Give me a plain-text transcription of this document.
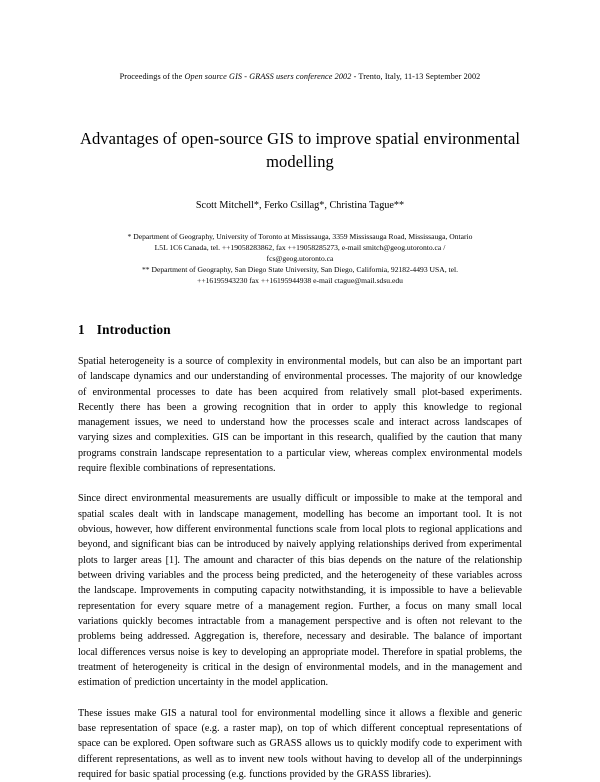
Proceedings of the Open source GIS - GRASS users conference 2002 - Trento, Italy, 11-13 September 2002
Advantages of open-source GIS to improve spatial environmental modelling
Scott Mitchell*, Ferko Csillag*, Christina Tague**
* Department of Geography, University of Toronto at Mississauga, 3359 Mississauga Road, Mississauga, Ontario
L5L 1C6 Canada, tel. ++19058283862, fax ++19058285273, e-mail smitch@geog.utoronto.ca /
fcs@geog.utoronto.ca
** Department of Geography, San Diego State University, San Diego, California, 92182-4493 USA, tel.
++16195943230 fax ++16195944938 e-mail ctague@mail.sdsu.edu
1 Introduction

Spatial heterogeneity is a source of complexity in environmental models, but can also be an important part of landscape dynamics and our understanding of environmental processes. The majority of our knowledge of environmental processes to date has been acquired from relatively small plot-based experiments. Recently there has been a growing recognition that in order to apply this knowledge to regional management issues, we need to understand how the processes scale and interact across landscapes of varying sizes and complexities. GIS can be important in this research, qualified by the caution that many programs constrain landscape representation to a particular view, whereas complex environmental models require flexible combinations of representations.

Since direct environmental measurements are usually difficult or impossible to make at the temporal and spatial scales dealt with in landscape management, modelling has become an important tool. It is not obvious, however, how different environmental functions scale from local plots to regional applications and beyond, and significant bias can be introduced by naively applying relationships derived from experimental plots to larger areas [1]. The amount and character of this bias depends on the nature of the relationship between driving variables and the process being predicted, and the heterogeneity of these variables across the landscape. Improvements in computing capacity notwithstanding, it is impossible to have a believable representation for every square metre of a management region. Further, a focus on many small local variations quickly becomes intractable from a management perspective and is often not relevant to the problems being addressed. Aggregation is, therefore, necessary and desirable. The balance of important local differences versus noise is key to developing an appropriate model. Therefore in spatial problems, the treatment of heterogeneity is critical in the design of environmental models, and in the management and estimation of prediction uncertainty in the model application.

These issues make GIS a natural tool for environmental modelling since it allows a flexible and generic base representation of space (e.g. a raster map), on top of which different conceptual representations of space can be explored. Open software such as GRASS allows us to quickly modify code to experiment with different representations, as well as to invent new tools without having to develop all of the underpinnings required for basic spatial processing (e.g. functions provided by the GRASS libraries).
